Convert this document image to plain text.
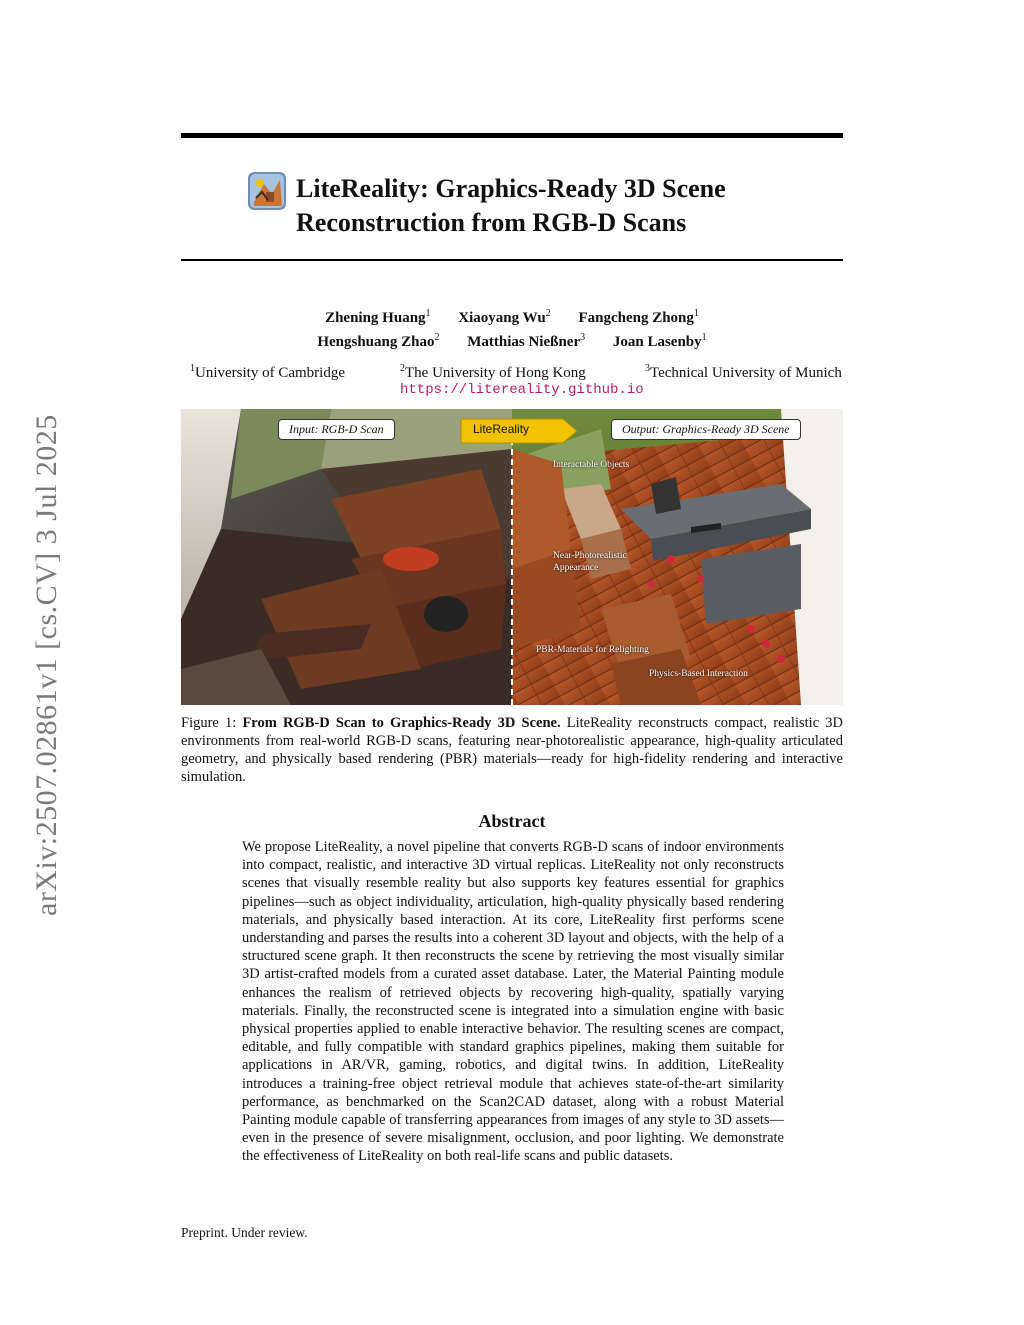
arXiv:2507.02861v1 [cs.CV] 3 Jul 2025
LiteReality: Graphics-Ready 3D Scene
Reconstruction from RGB-D Scans
Zhening Huang$^1$ Xiaoyang Wu$^2$ Fangcheng Zhong$^1$
Hengshuang Zhao$^2$ Matthias Nießner$^3$ Joan Lasenby$^1$
$^1$University of Cambridge	$^2$The University of Hong Kong	$^3$Technical University of Munich
https://litereality.github.io
Input: RGB-D Scan	LiteReality	Output: Graphics-Ready 3D Scene
Interactable Objects
Near-Photorealistic
Appearance
PBR-Materials for Relighting
Physics-Based Interaction
Figure 1: From RGB-D Scan to Graphics-Ready 3D Scene. LiteReality reconstructs compact, realistic 3D environments from real-world RGB-D scans, featuring near-photorealistic appearance, high-quality articulated geometry, and physically based rendering (PBR) materials—ready for high-fidelity rendering and interactive simulation.
Abstract
We propose LiteReality, a novel pipeline that converts RGB-D scans of indoor environments into compact, realistic, and interactive 3D virtual replicas. LiteReality not only reconstructs scenes that visually resemble reality but also supports key features essential for graphics pipelines—such as object individuality, articulation, high-quality physically based rendering materials, and physically based interaction. At its core, LiteReality first performs scene understanding and parses the results into a coherent 3D layout and objects, with the help of a structured scene graph. It then reconstructs the scene by retrieving the most visually similar 3D artist-crafted models from a curated asset database. Later, the Material Painting module enhances the realism of retrieved objects by recovering high-quality, spatially varying materials. Finally, the reconstructed scene is integrated into a simulation engine with basic physical properties applied to enable interactive behavior. The resulting scenes are compact, editable, and fully compatible with standard graphics pipelines, making them suitable for applications in AR/VR, gaming, robotics, and digital twins. In addition, LiteReality introduces a training-free object retrieval module that achieves state-of-the-art similarity performance, as benchmarked on the Scan2CAD dataset, along with a robust Material Painting module capable of transferring appearances from images of any style to 3D assets—even in the presence of severe misalignment, occlusion, and poor lighting. We demonstrate the effectiveness of LiteReality on both real-life scans and public datasets.
Preprint. Under review.
